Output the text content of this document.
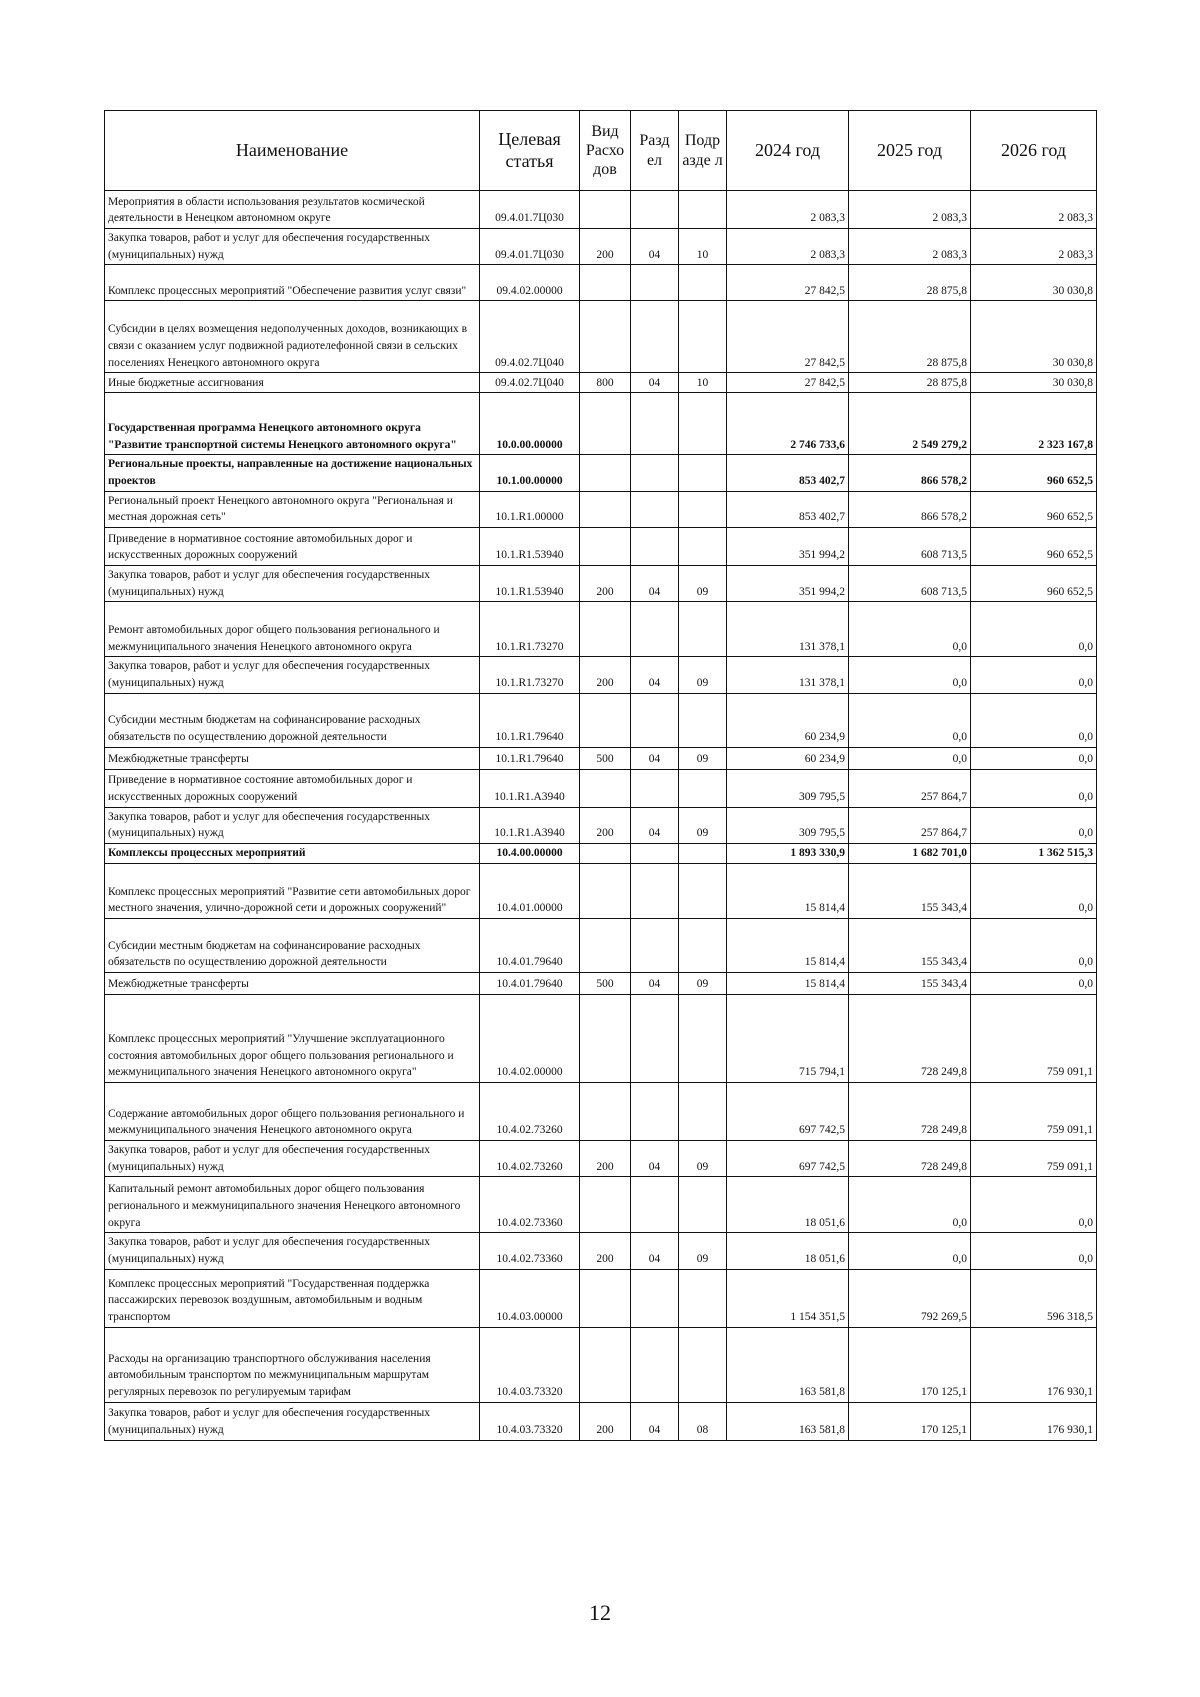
Наименование	Целевая статья	Вид Расхо дов	Разд ел	Подр азде л	2024 год	2025 год	2026 год
Мероприятия в области использования результатов космической деятельности в Ненецком автономном округе	09.4.01.7Ц030				2 083,3	2 083,3	2 083,3
Закупка товаров, работ и услуг для обеспечения государственных (муниципальных) нужд	09.4.01.7Ц030	200	04	10	2 083,3	2 083,3	2 083,3
Комплекс процессных мероприятий "Обеспечение развития услуг связи"	09.4.02.00000				27 842,5	28 875,8	30 030,8
Субсидии в целях возмещения недополученных доходов, возникающих в связи с оказанием услуг подвижной радиотелефонной связи в сельских поселениях Ненецкого автономного округа	09.4.02.7Ц040				27 842,5	28 875,8	30 030,8
Иные бюджетные ассигнования	09.4.02.7Ц040	800	04	10	27 842,5	28 875,8	30 030,8
Государственная программа Ненецкого автономного округа "Развитие транспортной системы Ненецкого автономного округа"	10.0.00.00000				2 746 733,6	2 549 279,2	2 323 167,8
Региональные проекты, направленные на достижение национальных проектов	10.1.00.00000				853 402,7	866 578,2	960 652,5
Региональный проект Ненецкого автономного округа "Региональная и местная дорожная сеть"	10.1.R1.00000				853 402,7	866 578,2	960 652,5
Приведение в нормативное состояние автомобильных дорог и искусственных дорожных сооружений	10.1.R1.53940				351 994,2	608 713,5	960 652,5
Закупка товаров, работ и услуг для обеспечения государственных (муниципальных) нужд	10.1.R1.53940	200	04	09	351 994,2	608 713,5	960 652,5
Ремонт автомобильных дорог общего пользования регионального и межмуниципального значения Ненецкого автономного округа	10.1.R1.73270				131 378,1	0,0	0,0
Закупка товаров, работ и услуг для обеспечения государственных (муниципальных) нужд	10.1.R1.73270	200	04	09	131 378,1	0,0	0,0
Субсидии местным бюджетам на софинансирование расходных обязательств по осуществлению дорожной деятельности	10.1.R1.79640				60 234,9	0,0	0,0
Межбюджетные трансферты	10.1.R1.79640	500	04	09	60 234,9	0,0	0,0
Приведение в нормативное состояние автомобильных дорог и искусственных дорожных сооружений	10.1.R1.A3940				309 795,5	257 864,7	0,0
Закупка товаров, работ и услуг для обеспечения государственных (муниципальных) нужд	10.1.R1.A3940	200	04	09	309 795,5	257 864,7	0,0
Комплексы процессных мероприятий	10.4.00.00000				1 893 330,9	1 682 701,0	1 362 515,3
Комплекс процессных мероприятий "Развитие сети автомобильных дорог местного значения, улично-дорожной сети и дорожных сооружений"	10.4.01.00000				15 814,4	155 343,4	0,0
Субсидии местным бюджетам на софинансирование расходных обязательств по осуществлению дорожной деятельности	10.4.01.79640				15 814,4	155 343,4	0,0
Межбюджетные трансферты	10.4.01.79640	500	04	09	15 814,4	155 343,4	0,0
Комплекс процессных мероприятий "Улучшение эксплуатационного состояния автомобильных дорог общего пользования регионального и межмуниципального значения Ненецкого автономного округа"	10.4.02.00000				715 794,1	728 249,8	759 091,1
Содержание автомобильных дорог общего пользования регионального и межмуниципального значения Ненецкого автономного округа	10.4.02.73260				697 742,5	728 249,8	759 091,1
Закупка товаров, работ и услуг для обеспечения государственных (муниципальных) нужд	10.4.02.73260	200	04	09	697 742,5	728 249,8	759 091,1
Капитальный ремонт автомобильных дорог общего пользования регионального и межмуниципального значения Ненецкого автономного округа	10.4.02.73360				18 051,6	0,0	0,0
Закупка товаров, работ и услуг для обеспечения государственных (муниципальных) нужд	10.4.02.73360	200	04	09	18 051,6	0,0	0,0
Комплекс процессных мероприятий "Государственная поддержка пассажирских перевозок воздушным, автомобильным и водным транспортом	10.4.03.00000				1 154 351,5	792 269,5	596 318,5
Расходы на организацию транспортного обслуживания населения автомобильным транспортом по межмуниципальным маршрутам регулярных перевозок по регулируемым тарифам	10.4.03.73320				163 581,8	170 125,1	176 930,1
Закупка товаров, работ и услуг для обеспечения государственных (муниципальных) нужд	10.4.03.73320	200	04	08	163 581,8	170 125,1	176 930,1
12
